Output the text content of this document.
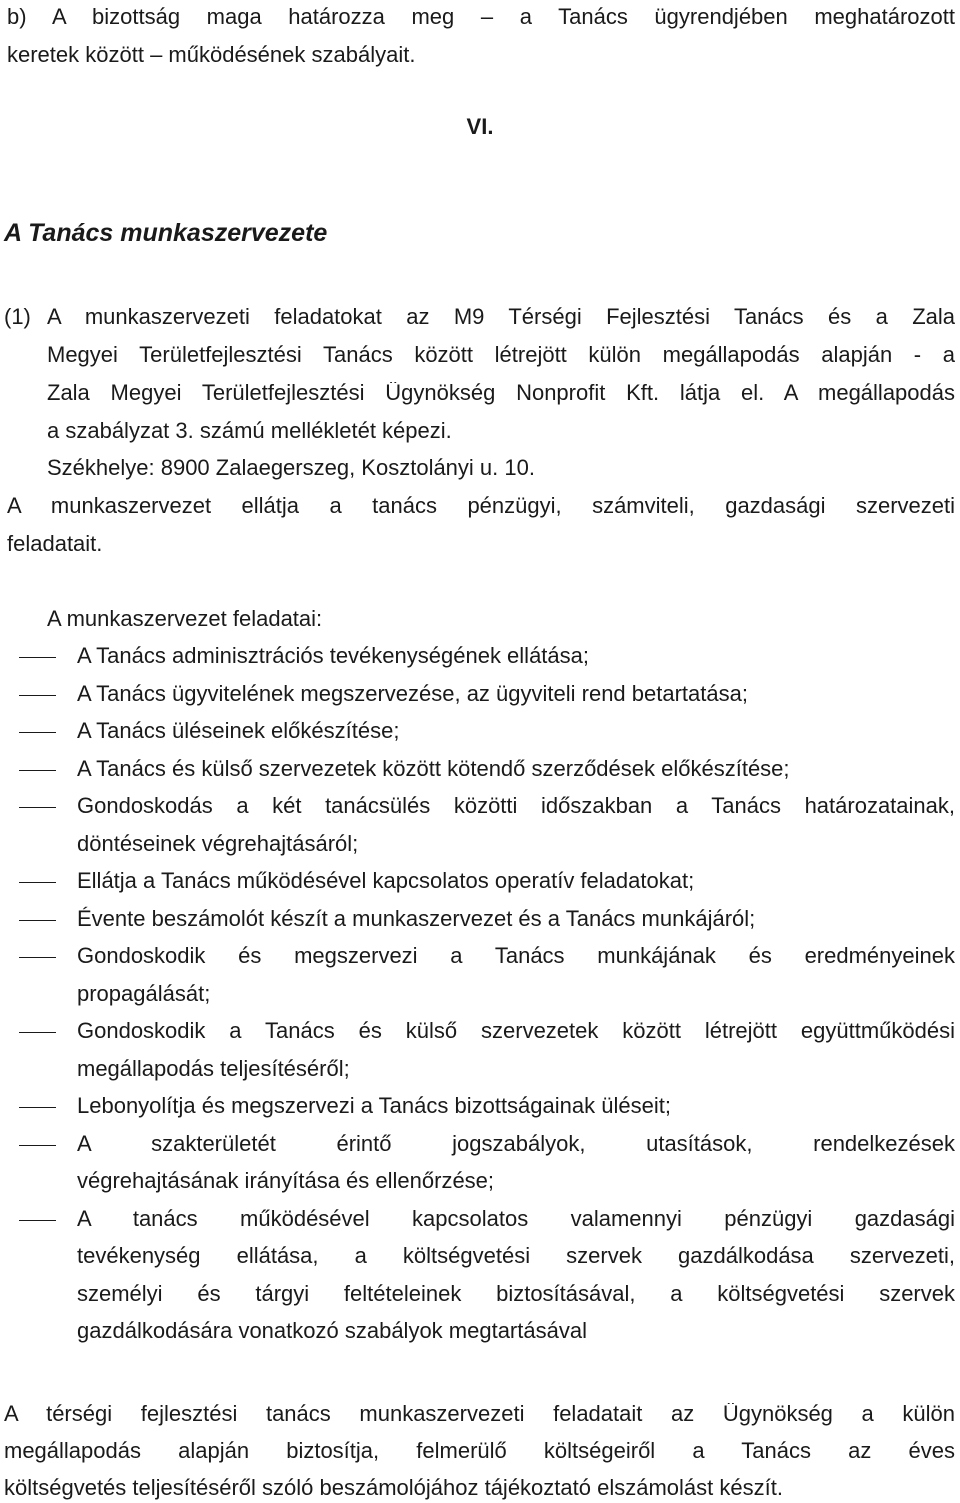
b) A bizottság maga határozza meg – a Tanács ügyrendjében meghatározott
keretek között – működésének szabályait.
VI.
A Tanács munkaszervezete
(1) A munkaszervezeti feladatokat az M9 Térségi Fejlesztési Tanács és a Zala
Megyei Területfejlesztési Tanács között létrejött külön megállapodás alapján - a
Zala Megyei Területfejlesztési Ügynökség Nonprofit Kft. látja el. A megállapodás
a szabályzat 3. számú mellékletét képezi.
Székhelye: 8900 Zalaegerszeg, Kosztolányi u. 10.
A munkaszervezet ellátja a tanács pénzügyi, számviteli, gazdasági szervezeti
feladatait.
A munkaszervezet feladatai:
A Tanács adminisztrációs tevékenységének ellátása;
A Tanács ügyvitelének megszervezése, az ügyviteli rend betartatása;
A Tanács üléseinek előkészítése;
A Tanács és külső szervezetek között kötendő szerződések előkészítése;
Gondoskodás a két tanácsülés közötti időszakban a Tanács határozatainak,
döntéseinek végrehajtásáról;
Ellátja a Tanács működésével kapcsolatos operatív feladatokat;
Évente beszámolót készít a munkaszervezet és a Tanács munkájáról;
Gondoskodik és megszervezi a Tanács munkájának és eredményeinek
propagálását;
Gondoskodik a Tanács és külső szervezetek között létrejött együttműködési
megállapodás teljesítéséről;
Lebonyolítja és megszervezi a Tanács bizottságainak üléseit;
A szakterületét érintő jogszabályok, utasítások, rendelkezések
végrehajtásának irányítása és ellenőrzése;
A tanács működésével kapcsolatos valamennyi pénzügyi gazdasági
tevékenység ellátása, a költségvetési szervek gazdálkodása szervezeti,
személyi és tárgyi feltételeinek biztosításával, a költségvetési szervek
gazdálkodására vonatkozó szabályok megtartásával
A térségi fejlesztési tanács munkaszervezeti feladatait az Ügynökség a külön
megállapodás alapján biztosítja, felmerülő költségeiről a Tanács az éves
költségvetés teljesítéséről szóló beszámolójához tájékoztató elszámolást készít.
